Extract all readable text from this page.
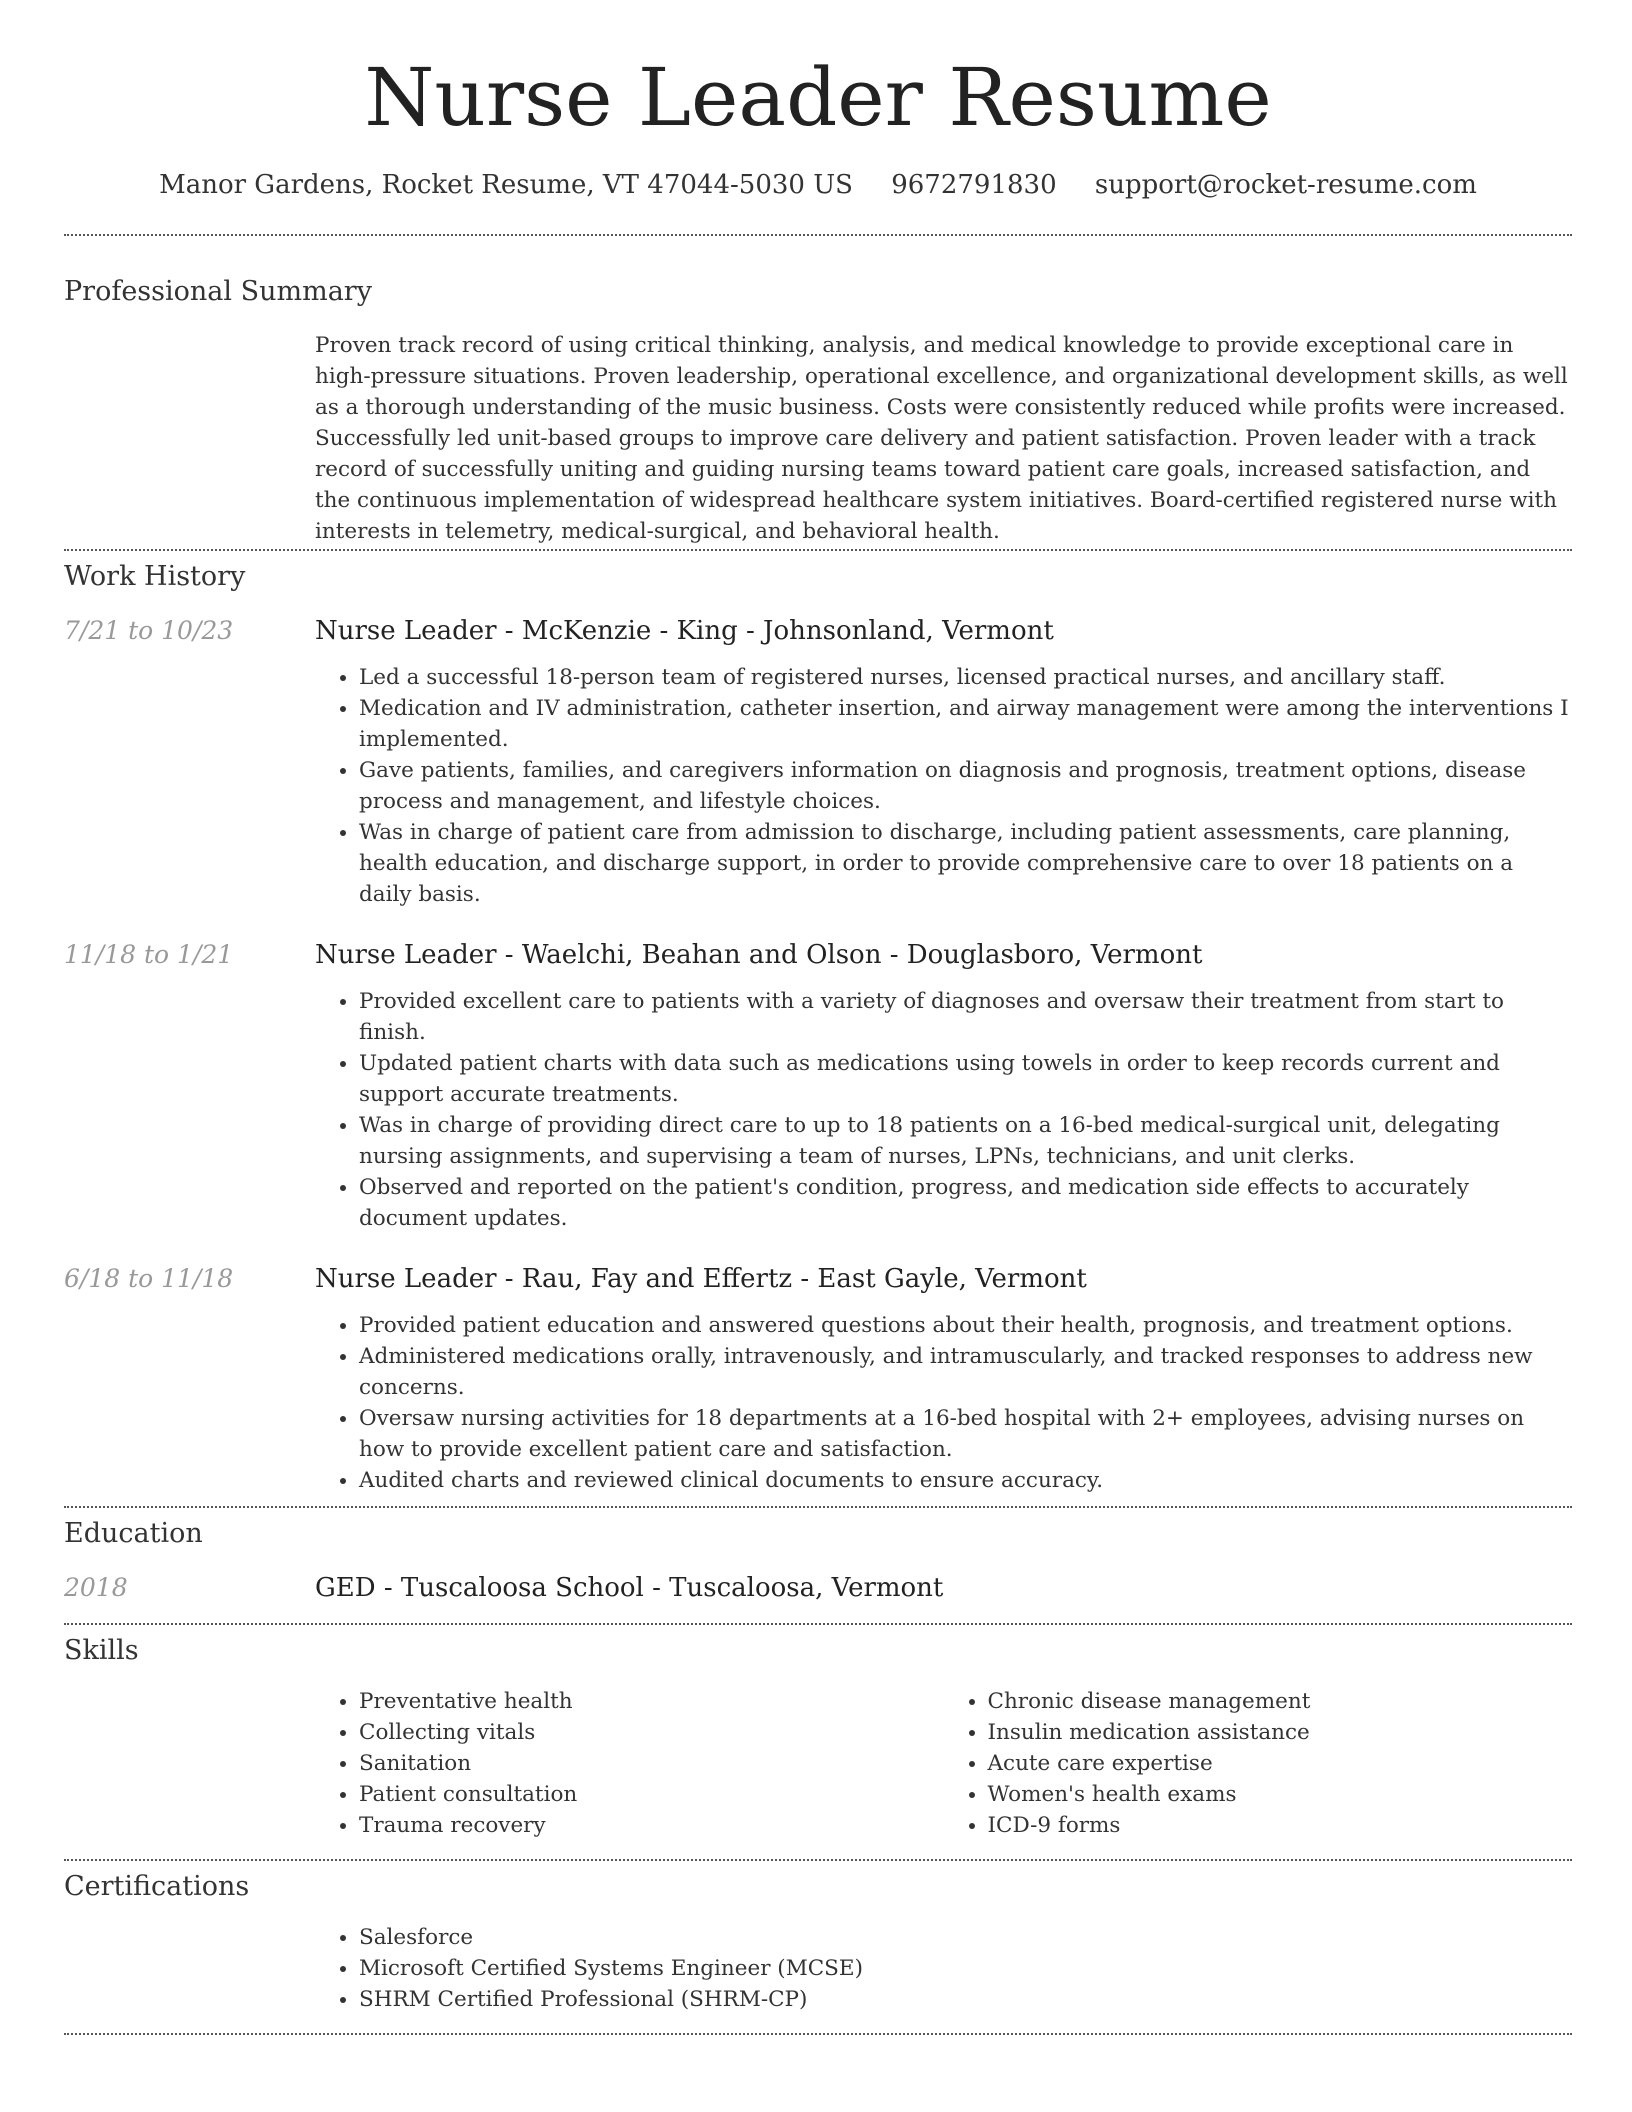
Nurse Leader Resume
Manor Gardens, Rocket Resume, VT 47044-5030 US 9672791830 support@rocket-resume.com
Professional Summary

Proven track record of using critical thinking, analysis, and medical knowledge to provide exceptional care in high-pressure situations. Proven leadership, operational excellence, and organizational development skills, as well as a thorough understanding of the music business. Costs were consistently reduced while profits were increased. Successfully led unit-based groups to improve care delivery and patient satisfaction. Proven leader with a track record of successfully uniting and guiding nursing teams toward patient care goals, increased satisfaction, and the continuous implementation of widespread healthcare system initiatives. Board-certified registered nurse with interests in telemetry, medical-surgical, and behavioral health.

Work History
7/21 to 10/23	Nurse Leader - McKenzie - King - Johnsonland, Vermont
• Led a successful 18-person team of registered nurses, licensed practical nurses, and ancillary staff.
• Medication and IV administration, catheter insertion, and airway management were among the interventions I implemented.
• Gave patients, families, and caregivers information on diagnosis and prognosis, treatment options, disease process and management, and lifestyle choices.
• Was in charge of patient care from admission to discharge, including patient assessments, care planning, health education, and discharge support, in order to provide comprehensive care to over 18 patients on a daily basis.
11/18 to 1/21	Nurse Leader - Waelchi, Beahan and Olson - Douglasboro, Vermont
• Provided excellent care to patients with a variety of diagnoses and oversaw their treatment from start to finish.
• Updated patient charts with data such as medications using towels in order to keep records current and support accurate treatments.
• Was in charge of providing direct care to up to 18 patients on a 16-bed medical-surgical unit, delegating nursing assignments, and supervising a team of nurses, LPNs, technicians, and unit clerks.
• Observed and reported on the patient's condition, progress, and medication side effects to accurately document updates.
6/18 to 11/18	Nurse Leader - Rau, Fay and Effertz - East Gayle, Vermont
• Provided patient education and answered questions about their health, prognosis, and treatment options.
• Administered medications orally, intravenously, and intramuscularly, and tracked responses to address new concerns.
• Oversaw nursing activities for 18 departments at a 16-bed hospital with 2+ employees, advising nurses on how to provide excellent patient care and satisfaction.
• Audited charts and reviewed clinical documents to ensure accuracy.
Education
2018	GED - Tuscaloosa School - Tuscaloosa, Vermont
Skills
• Preventative health
• Collecting vitals
• Sanitation
• Patient consultation
• Trauma recovery
• Chronic disease management
• Insulin medication assistance
• Acute care expertise
• Women's health exams
• ICD-9 forms
Certifications
• Salesforce
• Microsoft Certified Systems Engineer (MCSE)
• SHRM Certified Professional (SHRM-CP)
